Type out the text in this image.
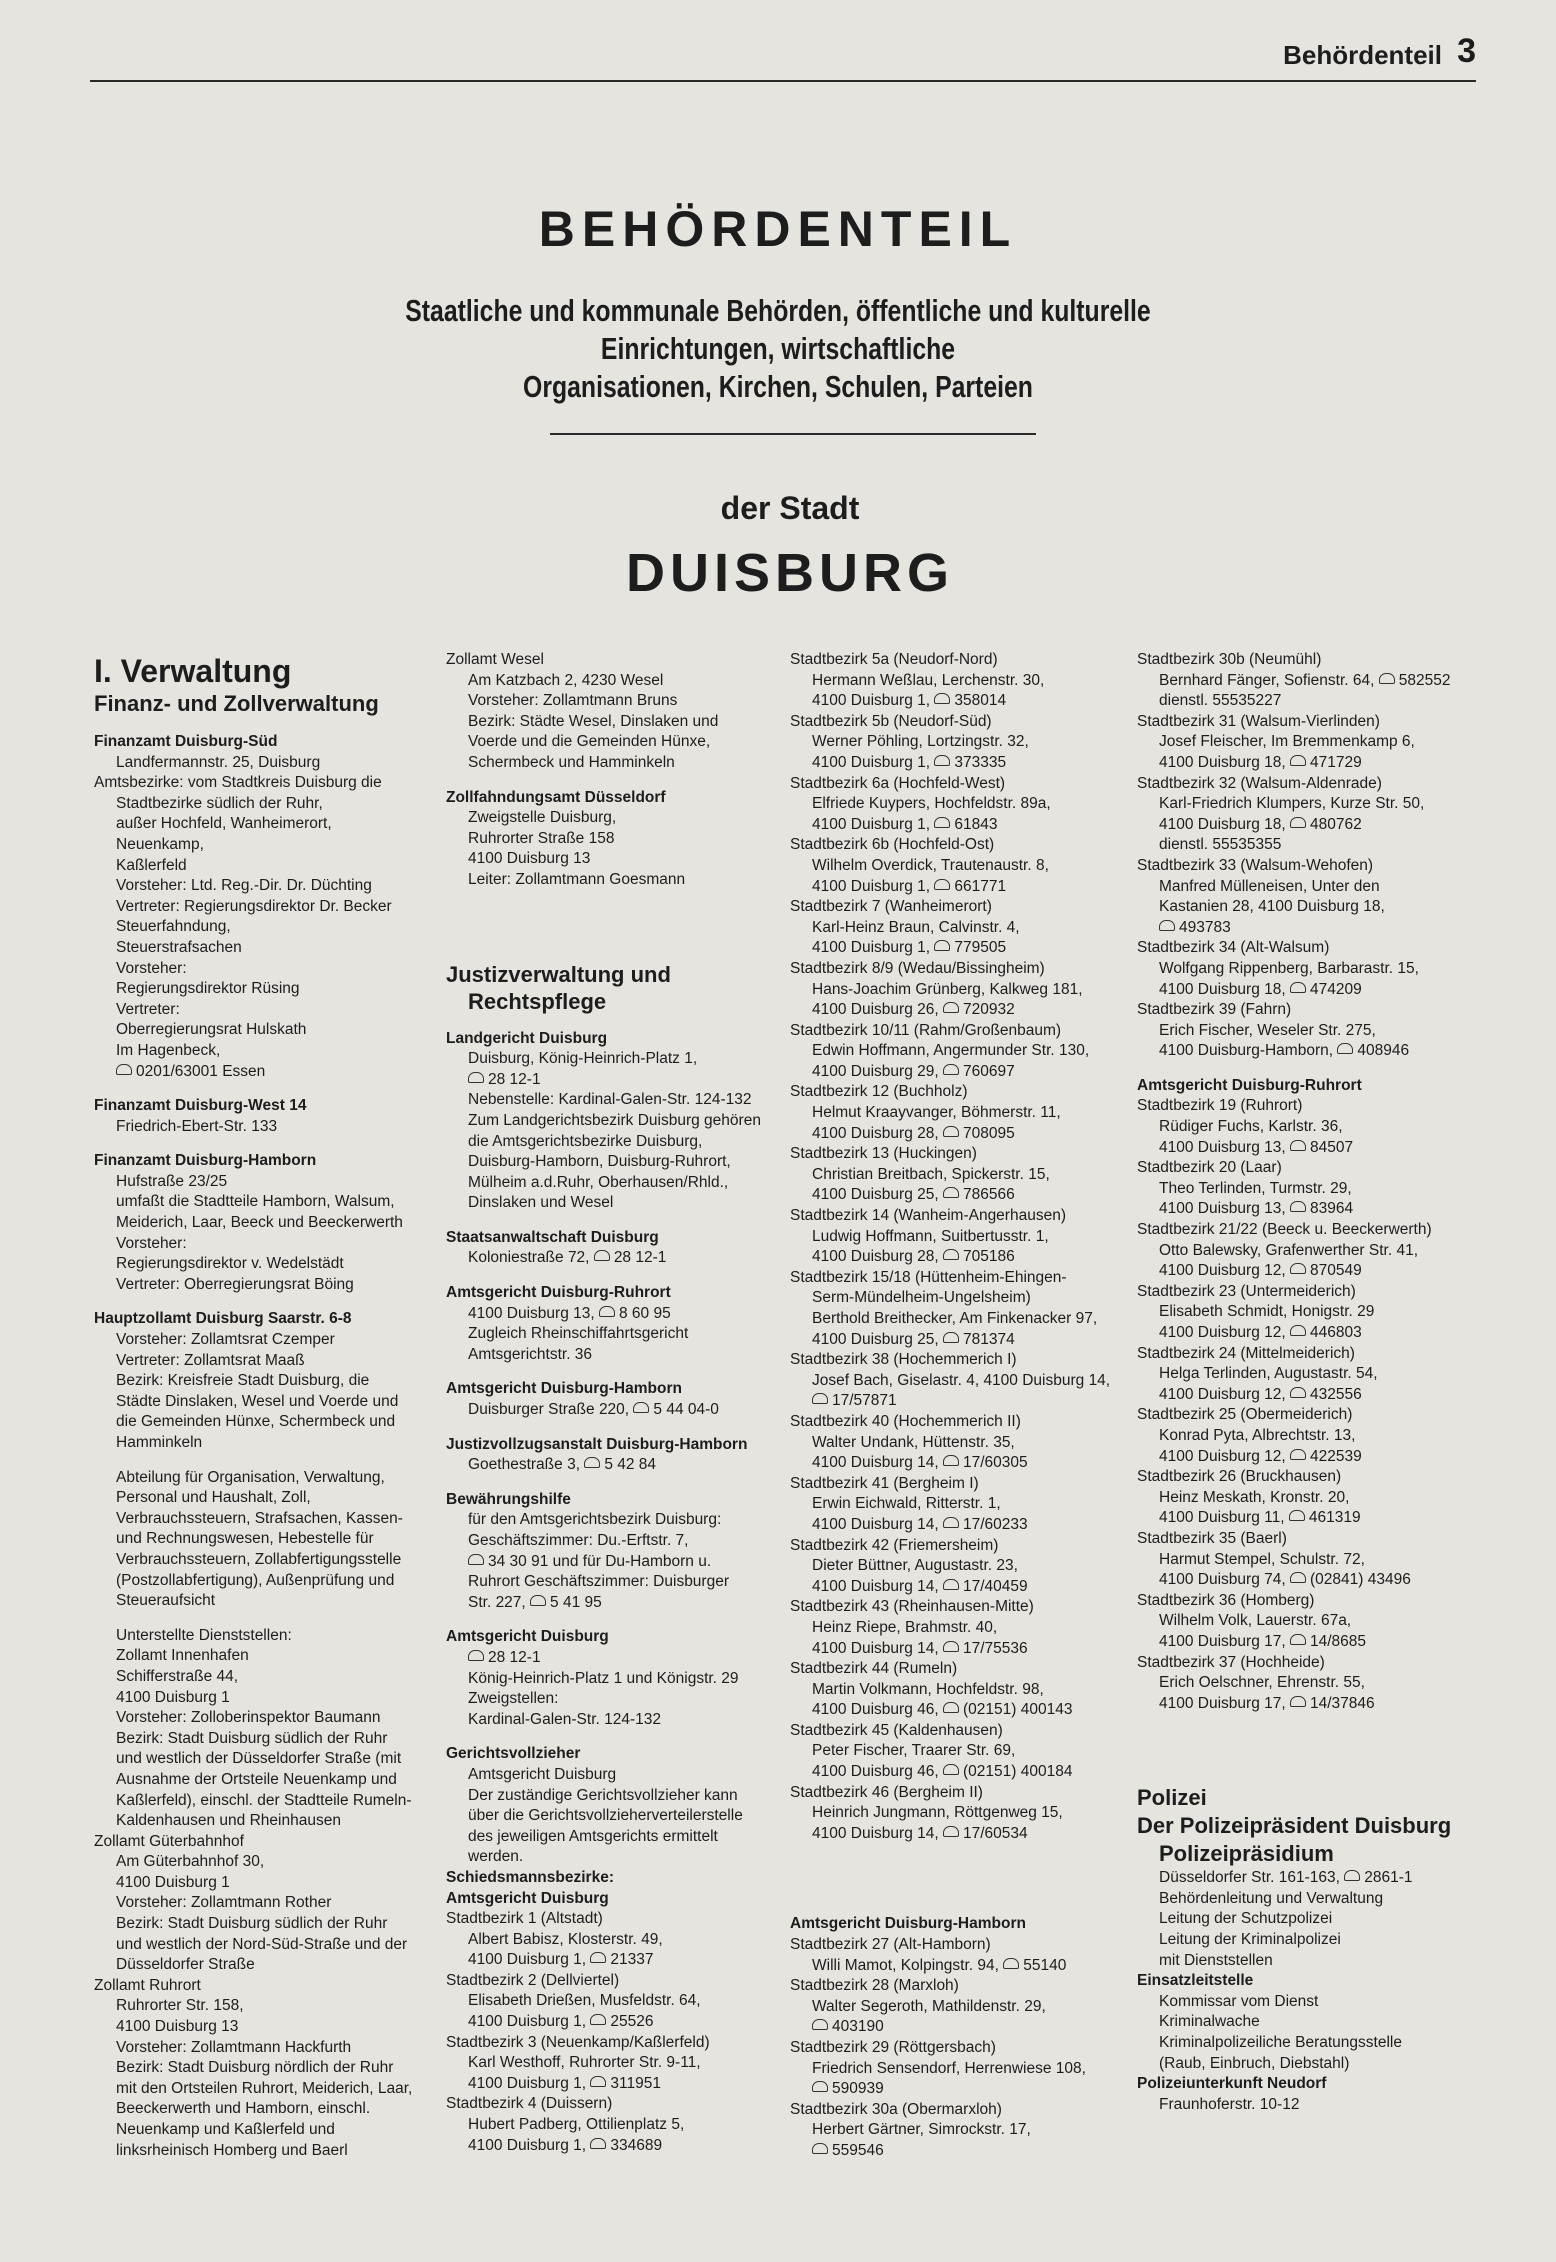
Behördenteil 3
BEHÖRDENTEIL
Staatliche und kommunale Behörden, öffentliche und kulturelle
Einrichtungen, wirtschaftliche
Organisationen, Kirchen, Schulen, Parteien
der Stadt
DUISBURG
I. Verwaltung
Finanz- und Zollverwaltung
Finanzamt Duisburg-Süd
Landfermannstr. 25, Duisburg
Amtsbezirke: vom Stadtkreis Duisburg die
Stadtbezirke südlich der Ruhr,
außer Hochfeld, Wanheimerort,
Neuenkamp,
Kaßlerfeld
Vorsteher: Ltd. Reg.-Dir. Dr. Düchting
Vertreter: Regierungsdirektor Dr. Becker
Steuerfahndung,
Steuerstrafsachen
Vorsteher:
Regierungsdirektor Rüsing
Vertreter:
Oberregierungsrat Hulskath
Im Hagenbeck,
0201/63001 Essen
Finanzamt Duisburg-West 14
Friedrich-Ebert-Str. 133
Finanzamt Duisburg-Hamborn
Hufstraße 23/25
umfaßt die Stadtteile Hamborn, Walsum,
Meiderich, Laar, Beeck und Beeckerwerth
Vorsteher:
Regierungsdirektor v. Wedelstädt
Vertreter: Oberregierungsrat Böing
Hauptzollamt Duisburg Saarstr. 6-8
Vorsteher: Zollamtsrat Czemper
Vertreter: Zollamtsrat Maaß
Bezirk: Kreisfreie Stadt Duisburg, die
Städte Dinslaken, Wesel und Voerde und
die Gemeinden Hünxe, Schermbeck und
Hamminkeln
Abteilung für Organisation, Verwaltung,
Personal und Haushalt, Zoll,
Verbrauchssteuern, Strafsachen, Kassen-
und Rechnungswesen, Hebestelle für
Verbrauchssteuern, Zollabfertigungsstelle
(Postzollabfertigung), Außenprüfung und
Steueraufsicht
Unterstellte Dienststellen:
Zollamt Innenhafen
Schifferstraße 44,
4100 Duisburg 1
Vorsteher: Zolloberinspektor Baumann
Bezirk: Stadt Duisburg südlich der Ruhr
und westlich der Düsseldorfer Straße (mit
Ausnahme der Ortsteile Neuenkamp und
Kaßlerfeld), einschl. der Stadtteile Rumeln-
Kaldenhausen und Rheinhausen
Zollamt Güterbahnhof
Am Güterbahnhof 30,
4100 Duisburg 1
Vorsteher: Zollamtmann Rother
Bezirk: Stadt Duisburg südlich der Ruhr
und westlich der Nord-Süd-Straße und der
Düsseldorfer Straße
Zollamt Ruhrort
Ruhrorter Str. 158,
4100 Duisburg 13
Vorsteher: Zollamtmann Hackfurth
Bezirk: Stadt Duisburg nördlich der Ruhr
mit den Ortsteilen Ruhrort, Meiderich, Laar,
Beeckerwerth und Hamborn, einschl.
Neuenkamp und Kaßlerfeld und
linksrheinisch Homberg und Baerl
Zollamt Wesel
Am Katzbach 2, 4230 Wesel
Vorsteher: Zollamtmann Bruns
Bezirk: Städte Wesel, Dinslaken und
Voerde und die Gemeinden Hünxe,
Schermbeck und Hamminkeln
Zollfahndungsamt Düsseldorf
Zweigstelle Duisburg,
Ruhrorter Straße 158
4100 Duisburg 13
Leiter: Zollamtmann Goesmann
Justizverwaltung und
Rechtspflege
Landgericht Duisburg
Duisburg, König-Heinrich-Platz 1,
28 12-1
Nebenstelle: Kardinal-Galen-Str. 124-132
Zum Landgerichtsbezirk Duisburg gehören
die Amtsgerichtsbezirke Duisburg,
Duisburg-Hamborn, Duisburg-Ruhrort,
Mülheim a.d.Ruhr, Oberhausen/Rhld.,
Dinslaken und Wesel
Staatsanwaltschaft Duisburg
Koloniestraße 72, 28 12-1
Amtsgericht Duisburg-Ruhrort
4100 Duisburg 13, 8 60 95
Zugleich Rheinschiffahrtsgericht
Amtsgerichtstr. 36
Amtsgericht Duisburg-Hamborn
Duisburger Straße 220, 5 44 04-0
Justizvollzugsanstalt Duisburg-Hamborn
Goethestraße 3, 5 42 84
Bewährungshilfe
für den Amtsgerichtsbezirk Duisburg:
Geschäftszimmer: Du.-Erftstr. 7,
34 30 91 und für Du-Hamborn u.
Ruhrort Geschäftszimmer: Duisburger
Str. 227, 5 41 95
Amtsgericht Duisburg
28 12-1
König-Heinrich-Platz 1 und Königstr. 29
Zweigstellen:
Kardinal-Galen-Str. 124-132
Gerichtsvollzieher
Amtsgericht Duisburg
Der zuständige Gerichtsvollzieher kann
über die Gerichtsvollzieherverteilerstelle
des jeweiligen Amtsgerichts ermittelt
werden.
Schiedsmannsbezirke:
Amtsgericht Duisburg
Stadtbezirk 1 (Altstadt)
Albert Babisz, Klosterstr. 49,
4100 Duisburg 1, 21337
Stadtbezirk 2 (Dellviertel)
Elisabeth Drießen, Musfeldstr. 64,
4100 Duisburg 1, 25526
Stadtbezirk 3 (Neuenkamp/Kaßlerfeld)
Karl Westhoff, Ruhrorter Str. 9-11,
4100 Duisburg 1, 311951
Stadtbezirk 4 (Duissern)
Hubert Padberg, Ottilienplatz 5,
4100 Duisburg 1, 334689
Stadtbezirk 5a (Neudorf-Nord)
Hermann Weßlau, Lerchenstr. 30,
4100 Duisburg 1, 358014
Stadtbezirk 5b (Neudorf-Süd)
Werner Pöhling, Lortzingstr. 32,
4100 Duisburg 1, 373335
Stadtbezirk 6a (Hochfeld-West)
Elfriede Kuypers, Hochfeldstr. 89a,
4100 Duisburg 1, 61843
Stadtbezirk 6b (Hochfeld-Ost)
Wilhelm Overdick, Trautenaustr. 8,
4100 Duisburg 1, 661771
Stadtbezirk 7 (Wanheimerort)
Karl-Heinz Braun, Calvinstr. 4,
4100 Duisburg 1, 779505
Stadtbezirk 8/9 (Wedau/Bissingheim)
Hans-Joachim Grünberg, Kalkweg 181,
4100 Duisburg 26, 720932
Stadtbezirk 10/11 (Rahm/Großenbaum)
Edwin Hoffmann, Angermunder Str. 130,
4100 Duisburg 29, 760697
Stadtbezirk 12 (Buchholz)
Helmut Kraayvanger, Böhmerstr. 11,
4100 Duisburg 28, 708095
Stadtbezirk 13 (Huckingen)
Christian Breitbach, Spickerstr. 15,
4100 Duisburg 25, 786566
Stadtbezirk 14 (Wanheim-Angerhausen)
Ludwig Hoffmann, Suitbertusstr. 1,
4100 Duisburg 28, 705186
Stadtbezirk 15/18 (Hüttenheim-Ehingen-
Serm-Mündelheim-Ungelsheim)
Berthold Breithecker, Am Finkenacker 97,
4100 Duisburg 25, 781374
Stadtbezirk 38 (Hochemmerich I)
Josef Bach, Giselastr. 4, 4100 Duisburg 14,
17/57871
Stadtbezirk 40 (Hochemmerich II)
Walter Undank, Hüttenstr. 35,
4100 Duisburg 14, 17/60305
Stadtbezirk 41 (Bergheim I)
Erwin Eichwald, Ritterstr. 1,
4100 Duisburg 14, 17/60233
Stadtbezirk 42 (Friemersheim)
Dieter Büttner, Augustastr. 23,
4100 Duisburg 14, 17/40459
Stadtbezirk 43 (Rheinhausen-Mitte)
Heinz Riepe, Brahmstr. 40,
4100 Duisburg 14, 17/75536
Stadtbezirk 44 (Rumeln)
Martin Volkmann, Hochfeldstr. 98,
4100 Duisburg 46, (02151) 400143
Stadtbezirk 45 (Kaldenhausen)
Peter Fischer, Traarer Str. 69,
4100 Duisburg 46, (02151) 400184
Stadtbezirk 46 (Bergheim II)
Heinrich Jungmann, Röttgenweg 15,
4100 Duisburg 14, 17/60534
Amtsgericht Duisburg-Hamborn
Stadtbezirk 27 (Alt-Hamborn)
Willi Mamot, Kolpingstr. 94, 55140
Stadtbezirk 28 (Marxloh)
Walter Segeroth, Mathildenstr. 29,
403190
Stadtbezirk 29 (Röttgersbach)
Friedrich Sensendorf, Herrenwiese 108,
590939
Stadtbezirk 30a (Obermarxloh)
Herbert Gärtner, Simrockstr. 17,
559546
Stadtbezirk 30b (Neumühl)
Bernhard Fänger, Sofienstr. 64, 582552
dienstl. 55535227
Stadtbezirk 31 (Walsum-Vierlinden)
Josef Fleischer, Im Bremmenkamp 6,
4100 Duisburg 18, 471729
Stadtbezirk 32 (Walsum-Aldenrade)
Karl-Friedrich Klumpers, Kurze Str. 50,
4100 Duisburg 18, 480762
dienstl. 55535355
Stadtbezirk 33 (Walsum-Wehofen)
Manfred Mülleneisen, Unter den
Kastanien 28, 4100 Duisburg 18,
493783
Stadtbezirk 34 (Alt-Walsum)
Wolfgang Rippenberg, Barbarastr. 15,
4100 Duisburg 18, 474209
Stadtbezirk 39 (Fahrn)
Erich Fischer, Weseler Str. 275,
4100 Duisburg-Hamborn, 408946
Amtsgericht Duisburg-Ruhrort
Stadtbezirk 19 (Ruhrort)
Rüdiger Fuchs, Karlstr. 36,
4100 Duisburg 13, 84507
Stadtbezirk 20 (Laar)
Theo Terlinden, Turmstr. 29,
4100 Duisburg 13, 83964
Stadtbezirk 21/22 (Beeck u. Beeckerwerth)
Otto Balewsky, Grafenwerther Str. 41,
4100 Duisburg 12, 870549
Stadtbezirk 23 (Untermeiderich)
Elisabeth Schmidt, Honigstr. 29
4100 Duisburg 12, 446803
Stadtbezirk 24 (Mittelmeiderich)
Helga Terlinden, Augustastr. 54,
4100 Duisburg 12, 432556
Stadtbezirk 25 (Obermeiderich)
Konrad Pyta, Albrechtstr. 13,
4100 Duisburg 12, 422539
Stadtbezirk 26 (Bruckhausen)
Heinz Meskath, Kronstr. 20,
4100 Duisburg 11, 461319
Stadtbezirk 35 (Baerl)
Harmut Stempel, Schulstr. 72,
4100 Duisburg 74, (02841) 43496
Stadtbezirk 36 (Homberg)
Wilhelm Volk, Lauerstr. 67a,
4100 Duisburg 17, 14/8685
Stadtbezirk 37 (Hochheide)
Erich Oelschner, Ehrenstr. 55,
4100 Duisburg 17, 14/37846
Polizei
Der Polizeipräsident Duisburg
Polizeipräsidium
Düsseldorfer Str. 161-163, 2861-1
Behördenleitung und Verwaltung
Leitung der Schutzpolizei
Leitung der Kriminalpolizei
mit Dienststellen
Einsatzleitstelle
Kommissar vom Dienst
Kriminalwache
Kriminalpolizeiliche Beratungsstelle
(Raub, Einbruch, Diebstahl)
Polizeiunterkunft Neudorf
Fraunhoferstr. 10-12
